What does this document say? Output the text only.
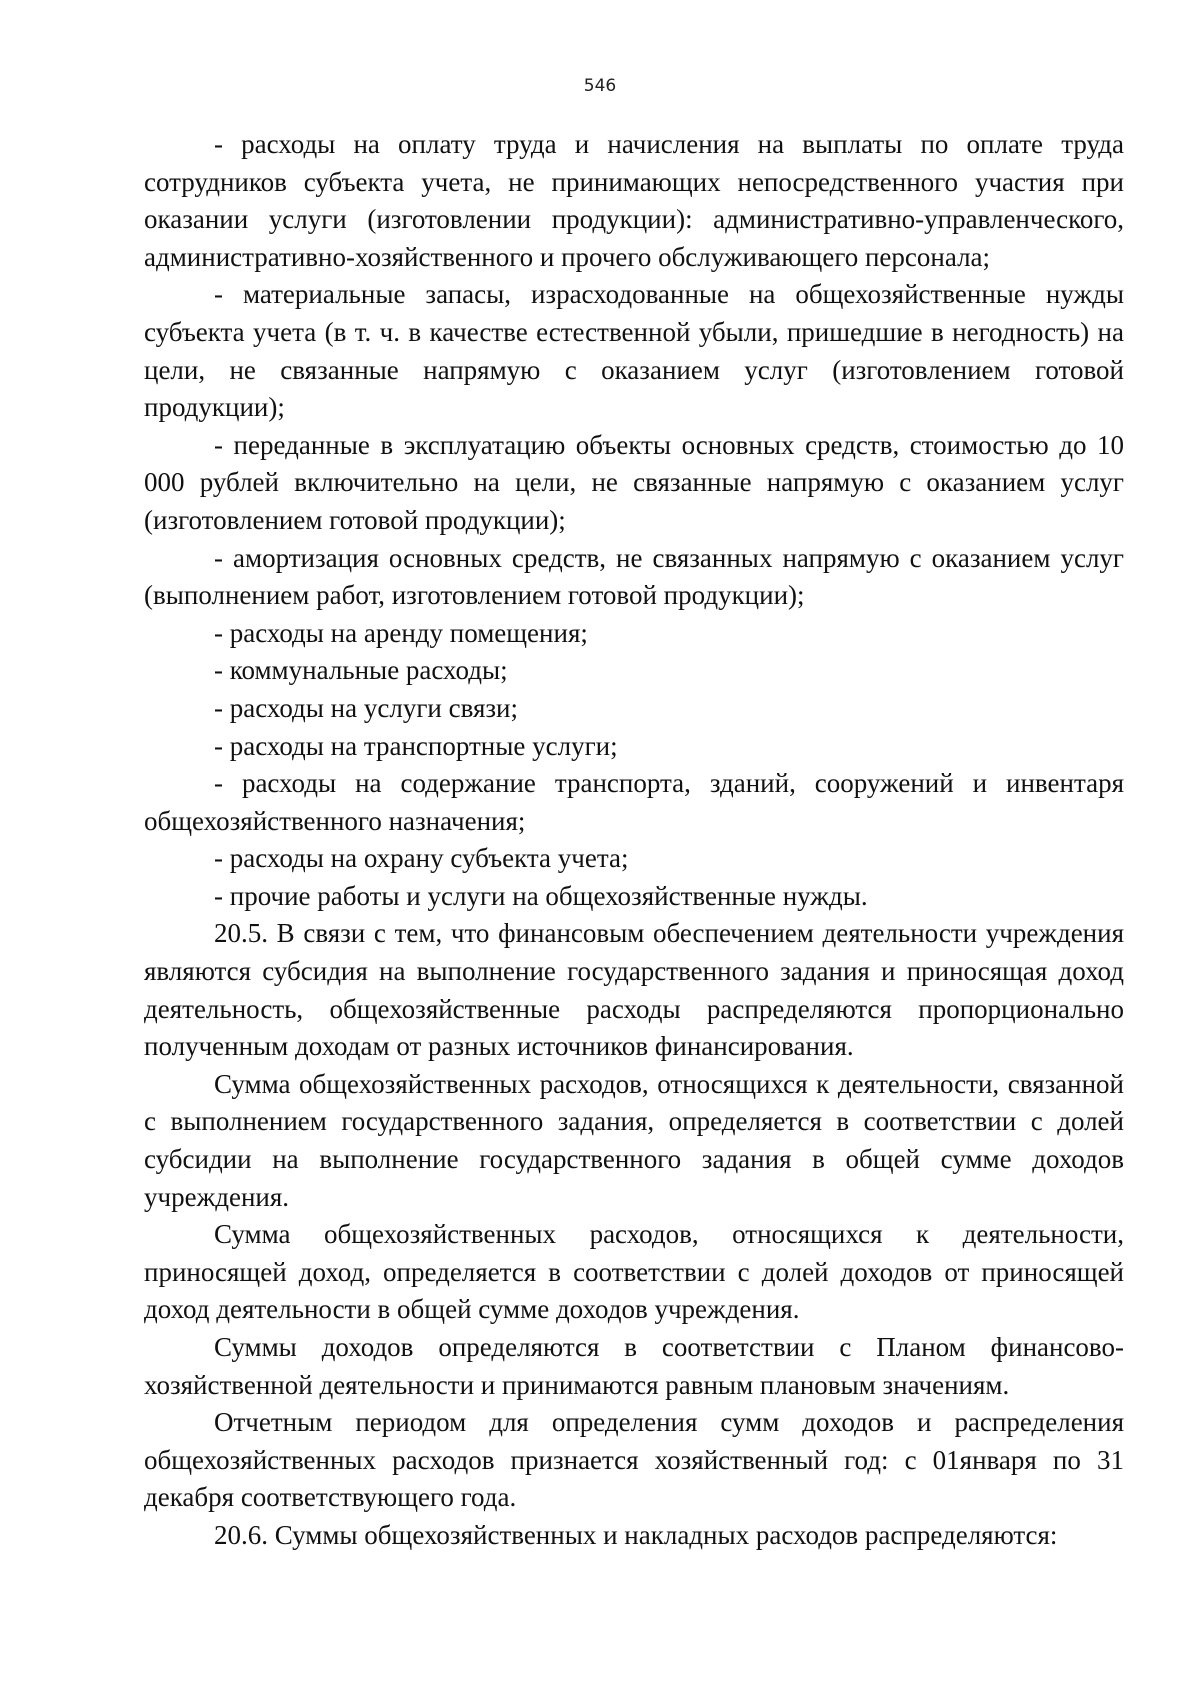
546

- расходы на оплату труда и начисления на выплаты по оплате труда сотрудников субъекта учета, не принимающих непосредственного участия при оказании услуги (изготовлении продукции): административно-управленческого, административно-хозяйственного и прочего обслуживающего персонала;

- материальные запасы, израсходованные на общехозяйственные нужды субъекта учета (в т. ч. в качестве естественной убыли, пришедшие в негодность) на цели, не связанные напрямую с оказанием услуг (изготовлением готовой продукции);

- переданные в эксплуатацию объекты основных средств, стоимостью до 10 000 рублей включительно на цели, не связанные напрямую с оказанием услуг (изготовлением готовой продукции);

- амортизация основных средств, не связанных напрямую с оказанием услуг (выполнением работ, изготовлением готовой продукции);

- расходы на аренду помещения;

- коммунальные расходы;

- расходы на услуги связи;

- расходы на транспортные услуги;

- расходы на содержание транспорта, зданий, сооружений и инвентаря общехозяйственного назначения;

- расходы на охрану субъекта учета;

- прочие работы и услуги на общехозяйственные нужды.

20.5. В связи с тем, что финансовым обеспечением деятельности учреждения являются субсидия на выполнение государственного задания и приносящая доход деятельность, общехозяйственные расходы распределяются пропорционально полученным доходам от разных источников финансирования.

Сумма общехозяйственных расходов, относящихся к деятельности, связанной с выполнением государственного задания, определяется в соответствии с долей субсидии на выполнение государственного задания в общей сумме доходов учреждения.

Сумма общехозяйственных расходов, относящихся к деятельности, приносящей доход, определяется в соответствии с долей доходов от приносящей доход деятельности в общей сумме доходов учреждения.

Суммы доходов определяются в соответствии с Планом финансово-хозяйственной деятельности и принимаются равным плановым значениям.

Отчетным периодом для определения сумм доходов и распределения общехозяйственных расходов признается хозяйственный год: с 01января по 31 декабря соответствующего года.

20.6. Суммы общехозяйственных и накладных расходов распределяются:
